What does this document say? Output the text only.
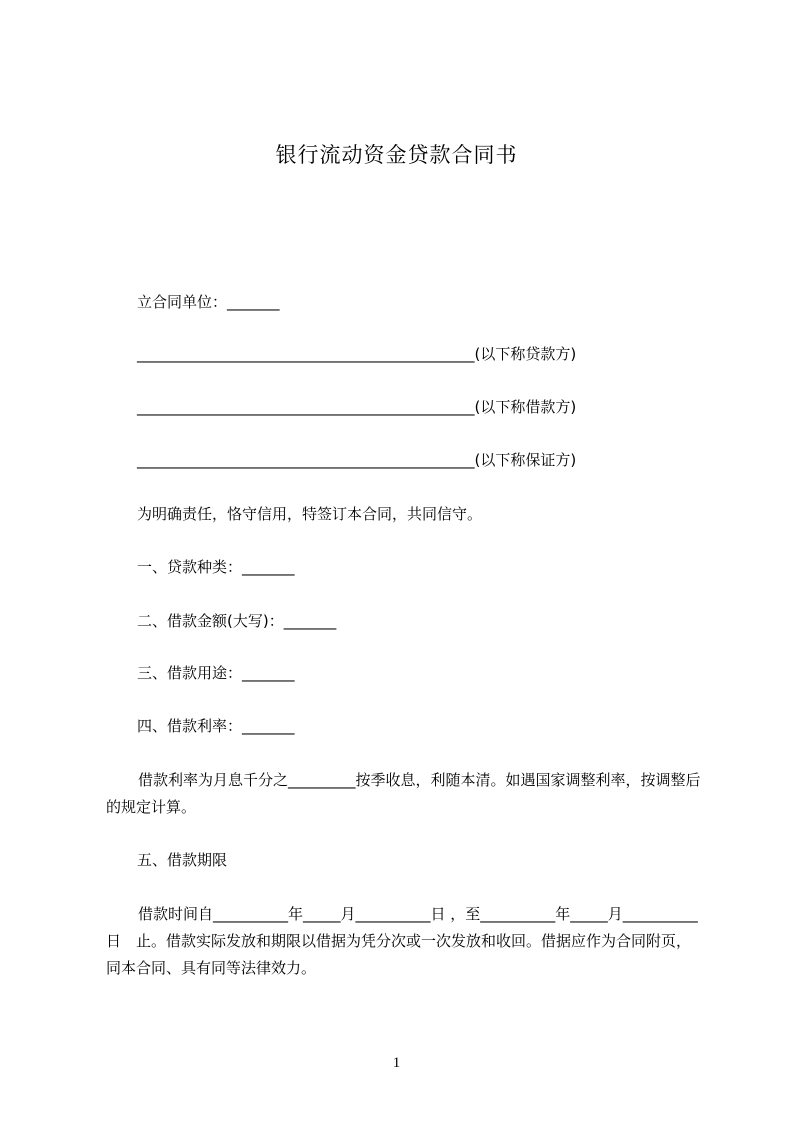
银行流动资金贷款合同书
立合同单位：_______
_____________________________________________(以下称贷款方)
_____________________________________________(以下称借款方)
_____________________________________________(以下称保证方)
为明确责任，恪守信用，特签订本合同，共同信守。
一、贷款种类：_______
二、借款金额(大写)：_______
三、借款用途：_______
四、借款利率：_______
借款利率为月息千分之_________按季收息，利随本清。如遇国家调整利率，按调整后的规定计算。
五、借款期限
借款时间自__________年_____月__________日 ，至__________年_____月__________日　止。借款实际发放和期限以借据为凭分次或一次发放和收回。借据应作为合同附页，同本合同、具有同等法律效力。
1
